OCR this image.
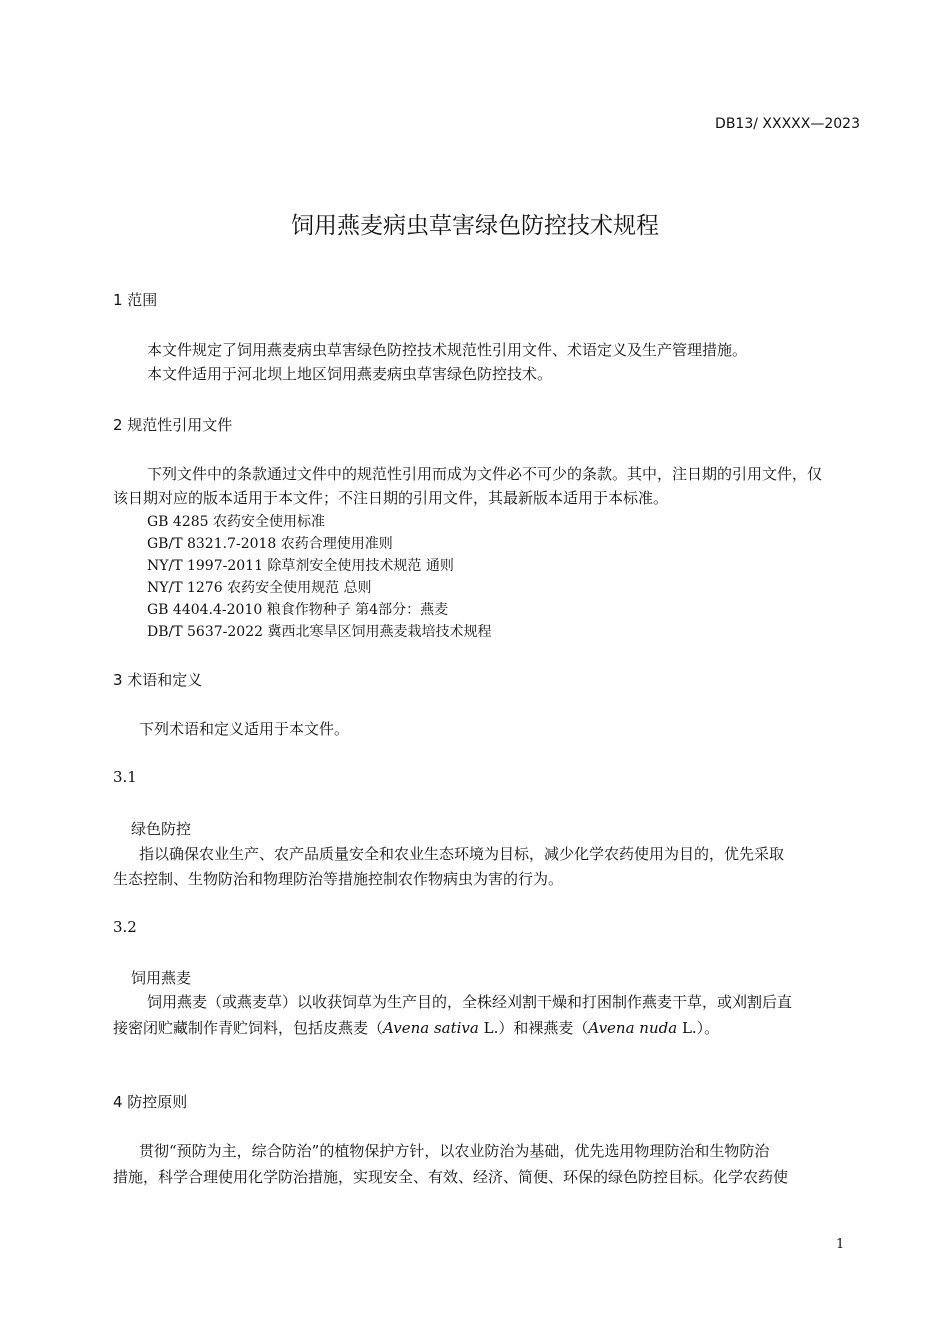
DB13/ XXXXX—2023
饲用燕麦病虫草害绿色防控技术规程
1 范围
本文件规定了饲用燕麦病虫草害绿色防控技术规范性引用文件、术语定义及生产管理措施。
本文件适用于河北坝上地区饲用燕麦病虫草害绿色防控技术。
2 规范性引用文件
下列文件中的条款通过文件中的规范性引用而成为文件必不可少的条款。其中，注日期的引用文件，仅
该日期对应的版本适用于本文件；不注日期的引用文件，其最新版本适用于本标准。
GB 4285 农药安全使用标准
GB/T 8321.7-2018 农药合理使用准则
NY/T 1997-2011 除草剂安全使用技术规范 通则
NY/T 1276 农药安全使用规范 总则
GB 4404.4-2010 粮食作物种子 第4部分：燕麦
DB/T 5637-2022 冀西北寒旱区饲用燕麦栽培技术规程
3 术语和定义
下列术语和定义适用于本文件。
3.1
绿色防控
指以确保农业生产、农产品质量安全和农业生态环境为目标，减少化学农药使用为目的，优先采取
生态控制、生物防治和物理防治等措施控制农作物病虫为害的行为。
3.2
饲用燕麦
饲用燕麦（或燕麦草）以收获饲草为生产目的，全株经刈割干燥和打困制作燕麦干草，或刈割后直
接密闭贮藏制作青贮饲料，包括皮燕麦（Avena sativa L.）和裸燕麦（Avena nuda L.）。
4 防控原则
贯彻“预防为主，综合防治”的植物保护方针，以农业防治为基础，优先选用物理防治和生物防治
措施，科学合理使用化学防治措施，实现安全、有效、经济、简便、环保的绿色防控目标。化学农药使
1
